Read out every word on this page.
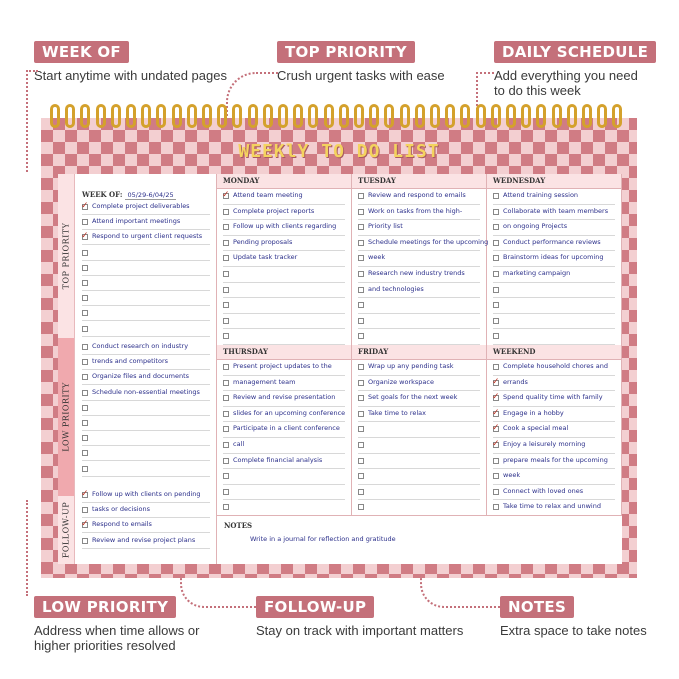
WEEK OF
Start anytime with undated pages
TOP PRIORITY
Crush urgent tasks with ease
DAILY SCHEDULE
Add everything you need
to do this week
LOW PRIORITY
Address when time allows or
higher priorities resolved
FOLLOW-UP
Stay on track with important matters
NOTES
Extra space to take notes
WEEKlY TO DO LIST
TOP PRIORITY
LOW PRIORITY
FOLLOW-UP
WEEK OF: 05/29-6/04/25
✓ Complete project deliverables
Attend important meetings
✓ Respond to urgent client requests
Conduct research on industry
trends and competitors
Organize files and documents
Schedule non-essential meetings
✓ Follow up with clients on pending
tasks or decisions
✓ Respond to emails
Review and revise project plans
MONDAY
✓ Attend team meeting
Complete project reports
Follow up with clients regarding
Pending proposals
Update task tracker
TUESDAY
Review and respond to emails
Work on tasks from the high-
Priority list
Schedule meetings for the upcoming
week
Research new industry trends
and technologies
WEDNESDAY
Attend training session
Collaborate with team members
on ongoing Projects
Conduct performance reviews
Brainstorm ideas for upcoming
marketing campaign
THURSDAY
Present project updates to the
management team
Review and revise presentation
slides for an upcoming conference
Participate in a client conference
call
Complete financial analysis
FRIDAY
Wrap up any pending task
Organize workspace
Set goals for the next week
Take time to relax
WEEKEND
Complete household chores and
✓ errands
✓ Spend quality time with family
✓ Engage in a hobby
✓ Cook a special meal
✓ Enjoy a leisurely morning
prepare meals for the upcoming
week
Connect with loved ones
Take time to relax and unwind
NOTES
Write in a journal for reflection and gratitude
